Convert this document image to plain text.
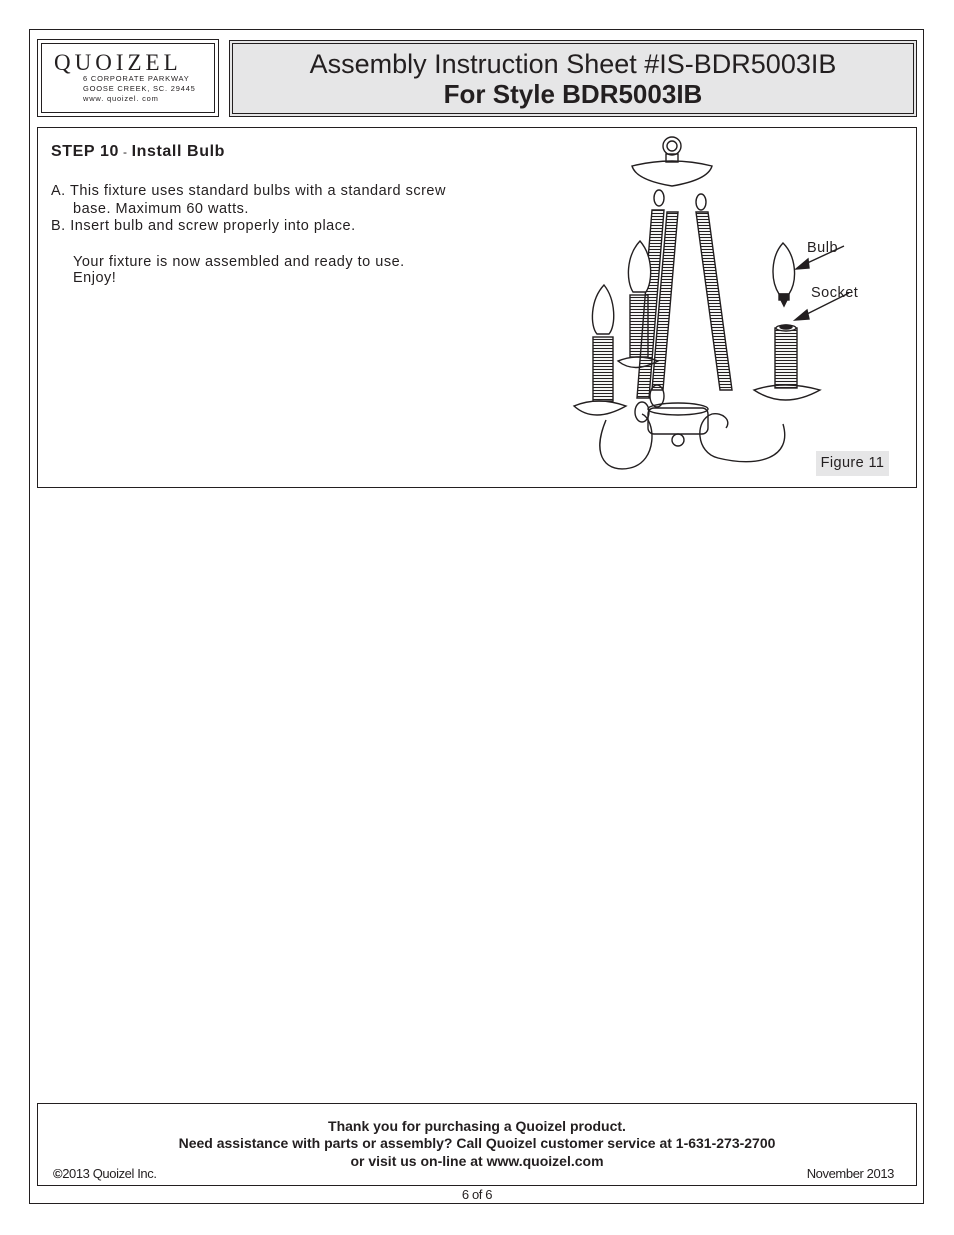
QUOIZEL
6 CORPORATE PARKWAY
GOOSE CREEK, SC. 29445
www. quoizel. com
Assembly Instruction Sheet #IS-BDR5003IB
For Style BDR5003IB
STEP 10 - Install Bulb
A. This fixture uses standard bulbs with a standard screw
base. Maximum 60 watts.
B. Insert bulb and screw properly into place.
Your fixture is now assembled and ready to use.
Enjoy!
Bulb
Socket
Figure 11
Thank you for purchasing a Quoizel product.
Need assistance with parts or assembly? Call Quoizel customer service at 1-631-273-2700
or visit us on-line at www.quoizel.com
©2013 Quoizel Inc.	November 2013
6 of 6
